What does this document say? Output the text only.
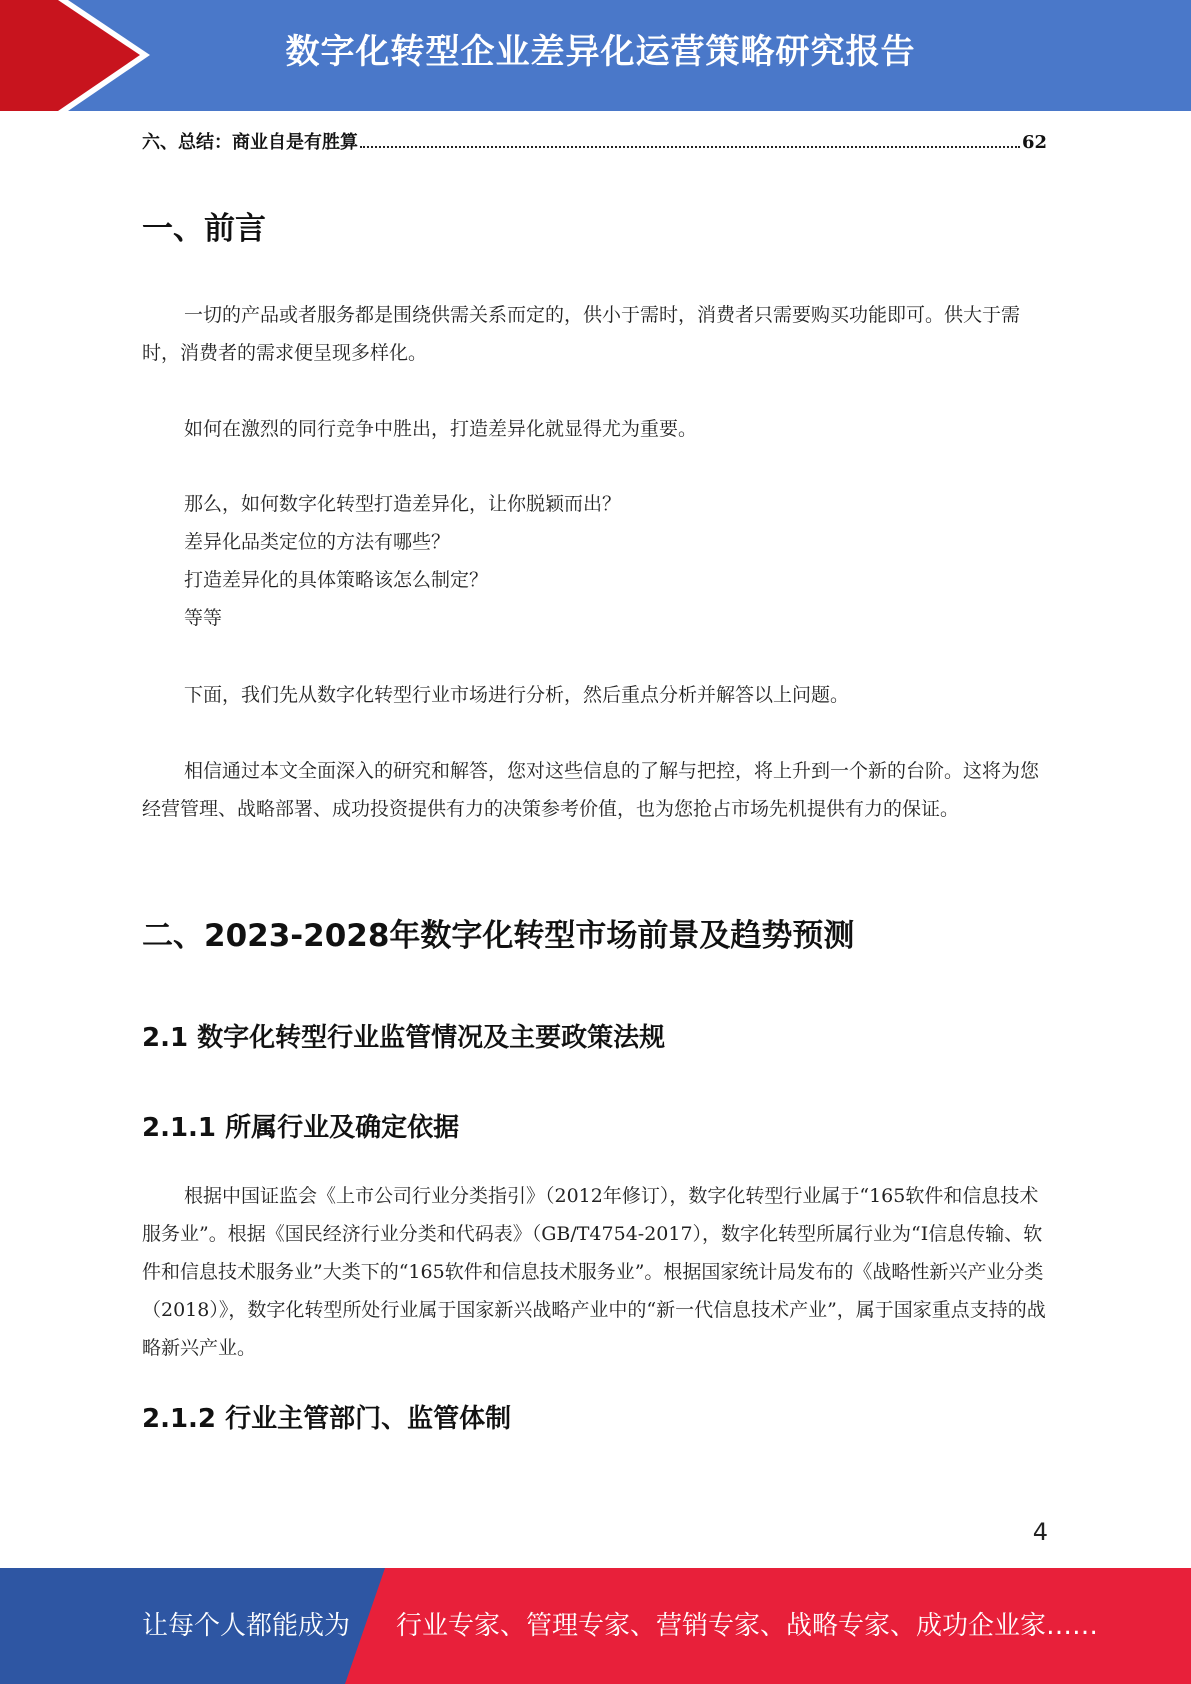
数字化转型企业差异化运营策略研究报告
六、总结：商业自是有胜算	62
一、前言

一切的产品或者服务都是围绕供需关系而定的，供小于需时，消费者只需要购买功能即可。供大于需时，消费者的需求便呈现多样化。

如何在激烈的同行竞争中胜出，打造差异化就显得尤为重要。

那么，如何数字化转型打造差异化，让你脱颖而出？

差异化品类定位的方法有哪些？

打造差异化的具体策略该怎么制定？

等等

下面，我们先从数字化转型行业市场进行分析，然后重点分析并解答以上问题。

相信通过本文全面深入的研究和解答，您对这些信息的了解与把控，将上升到一个新的台阶。这将为您经营管理、战略部署、成功投资提供有力的决策参考价值，也为您抢占市场先机提供有力的保证。

二、2023-2028年数字化转型市场前景及趋势预测
2.1 数字化转型行业监管情况及主要政策法规
2.1.1 所属行业及确定依据

根据中国证监会《上市公司行业分类指引》（2012年修订），数字化转型行业属于“165软件和信息技术服务业”。根据《国民经济行业分类和代码表》（GB/T4754-2017），数字化转型所属行业为“I信息传输、软件和信息技术服务业”大类下的“165软件和信息技术服务业”。根据国家统计局发布的《战略性新兴产业分类（2018）》，数字化转型所处行业属于国家新兴战略产业中的“新一代信息技术产业”，属于国家重点支持的战略新兴产业。

2.1.2 行业主管部门、监管体制
4
让每个人都能成为 行业专家、管理专家、营销专家、战略专家、成功企业家……
